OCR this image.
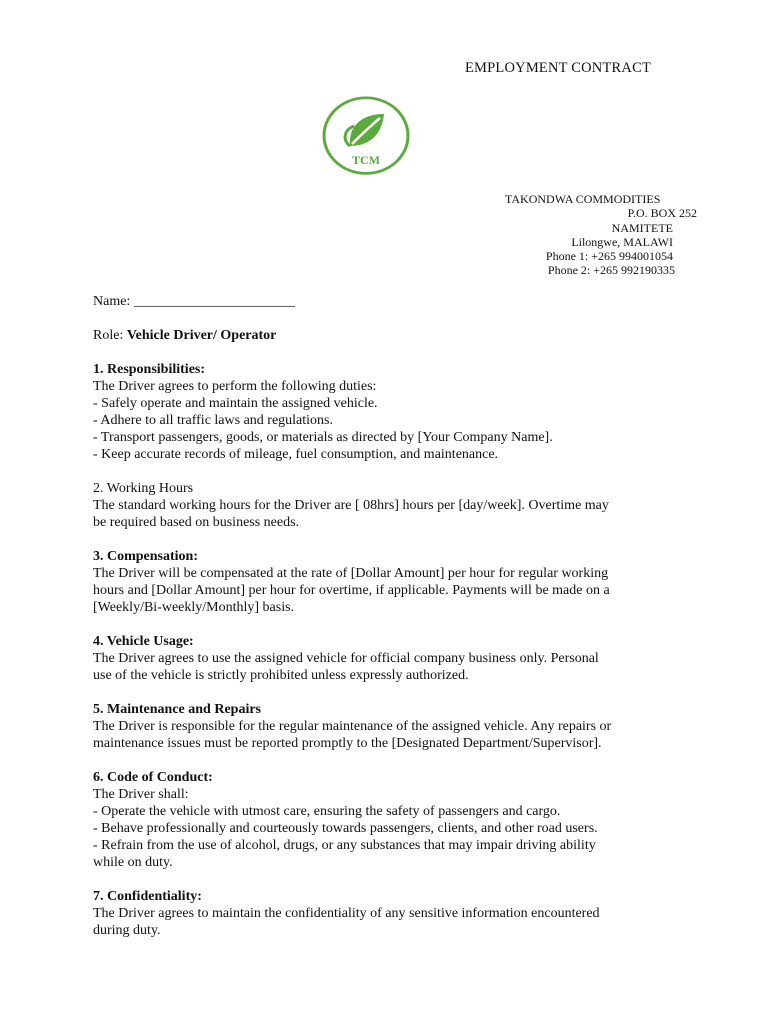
EMPLOYMENT CONTRACT
TCM
TAKONDWA COMMODITIES
P.O. BOX 252
NAMITETE
Lilongwe, MALAWI
Phone 1: +265 994001054
Phone 2: +265 992190335

Name: _______________________

Role: Vehicle Driver/ Operator

1. Responsibilities:

The Driver agrees to perform the following duties:

- Safely operate and maintain the assigned vehicle.

- Adhere to all traffic laws and regulations.

- Transport passengers, goods, or materials as directed by [Your Company Name].

- Keep accurate records of mileage, fuel consumption, and maintenance.

2. Working Hours

The standard working hours for the Driver are [ 08hrs] hours per [day/week]. Overtime may

be required based on business needs.

3. Compensation:

The Driver will be compensated at the rate of [Dollar Amount] per hour for regular working

hours and [Dollar Amount] per hour for overtime, if applicable. Payments will be made on a

[Weekly/Bi-weekly/Monthly] basis.

4. Vehicle Usage:

The Driver agrees to use the assigned vehicle for official company business only. Personal

use of the vehicle is strictly prohibited unless expressly authorized.

5. Maintenance and Repairs

The Driver is responsible for the regular maintenance of the assigned vehicle. Any repairs or

maintenance issues must be reported promptly to the [Designated Department/Supervisor].

6. Code of Conduct:

The Driver shall:

- Operate the vehicle with utmost care, ensuring the safety of passengers and cargo.

- Behave professionally and courteously towards passengers, clients, and other road users.

- Refrain from the use of alcohol, drugs, or any substances that may impair driving ability

while on duty.

7. Confidentiality:

The Driver agrees to maintain the confidentiality of any sensitive information encountered

during duty.
